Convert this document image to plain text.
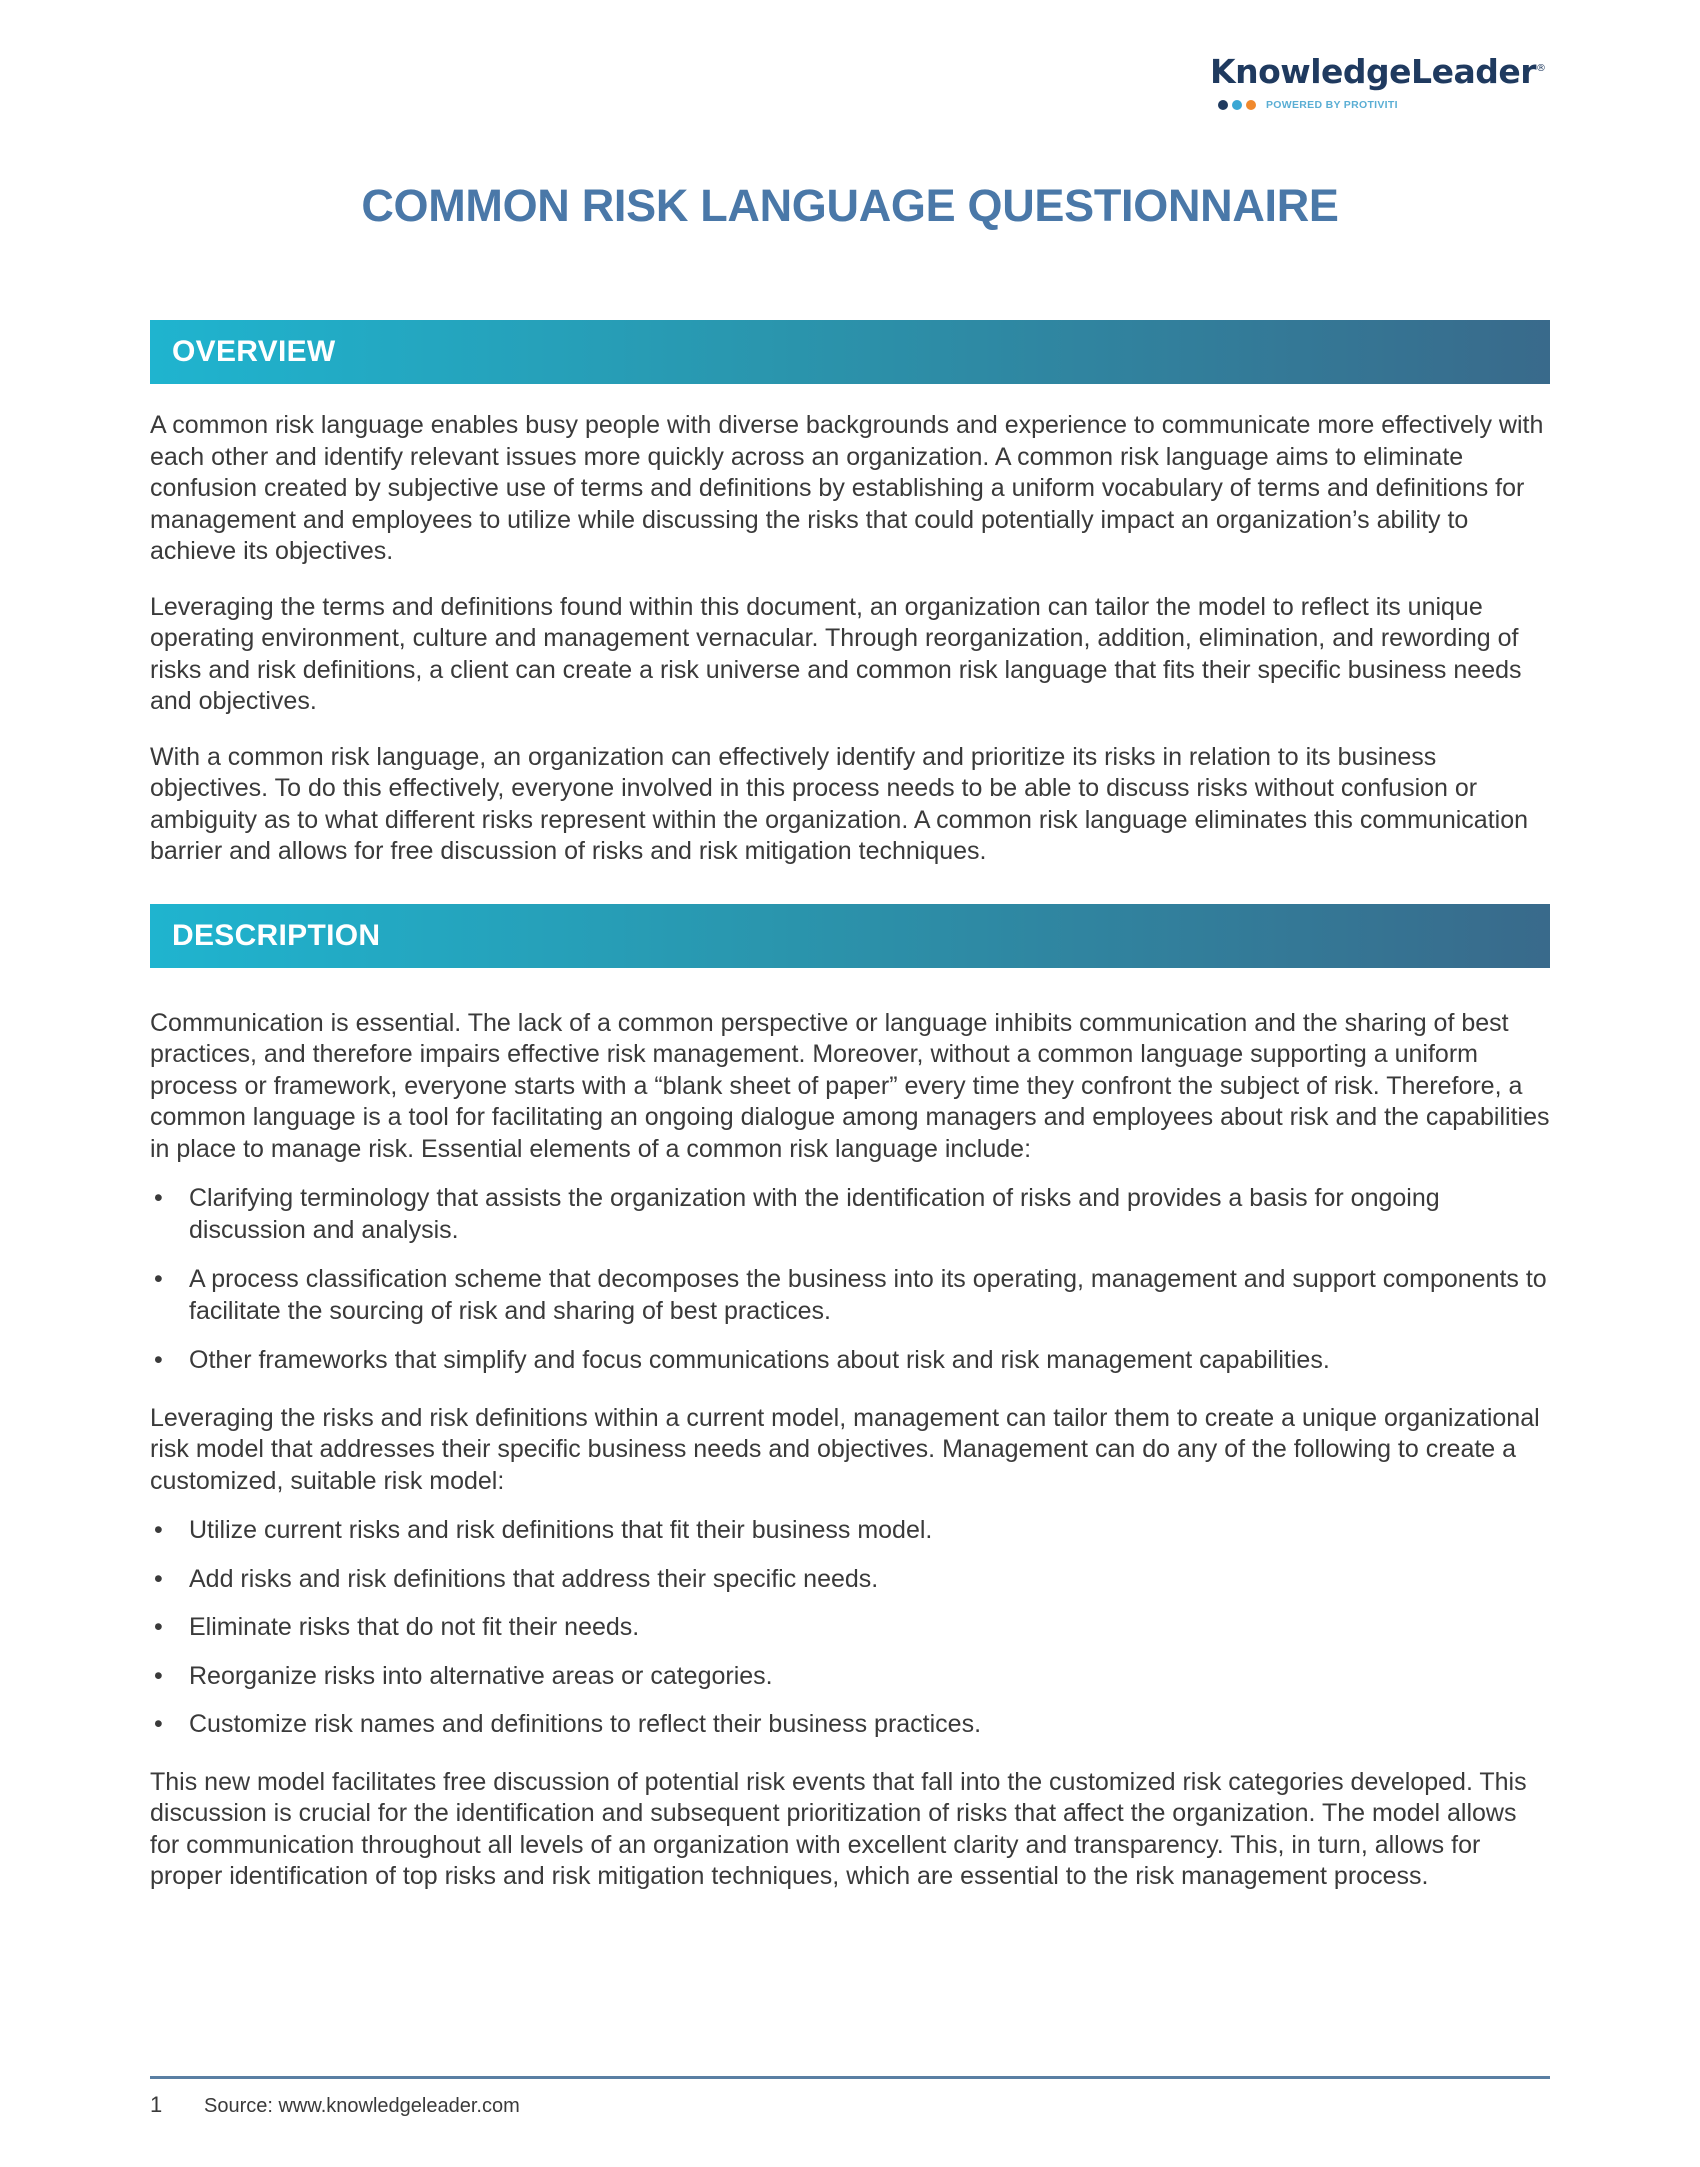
KnowledgeLeader®
POWERED BY PROTIVITI
COMMON RISK LANGUAGE QUESTIONNAIRE
OVERVIEW

A common risk language enables busy people with diverse backgrounds and experience to communicate more effectively with each other and identify relevant issues more quickly across an organization. A common risk language aims to eliminate confusion created by subjective use of terms and definitions by establishing a uniform vocabulary of terms and definitions for management and employees to utilize while discussing the risks that could potentially impact an organization’s ability to achieve its objectives.

Leveraging the terms and definitions found within this document, an organization can tailor the model to reflect its unique operating environment, culture and management vernacular. Through reorganization, addition, elimination, and rewording of risks and risk definitions, a client can create a risk universe and common risk language that fits their specific business needs and objectives.

With a common risk language, an organization can effectively identify and prioritize its risks in relation to its business objectives. To do this effectively, everyone involved in this process needs to be able to discuss risks without confusion or ambiguity as to what different risks represent within the organization. A common risk language eliminates this communication barrier and allows for free discussion of risks and risk mitigation techniques.

DESCRIPTION

Communication is essential. The lack of a common perspective or language inhibits communication and the sharing of best practices, and therefore impairs effective risk management. Moreover, without a common language supporting a uniform process or framework, everyone starts with a “blank sheet of paper” every time they confront the subject of risk. Therefore, a common language is a tool for facilitating an ongoing dialogue among managers and employees about risk and the capabilities in place to manage risk. Essential elements of a common risk language include:

• Clarifying terminology that assists the organization with the identification of risks and provides a basis for ongoing discussion and analysis.
• A process classification scheme that decomposes the business into its operating, management and support components to facilitate the sourcing of risk and sharing of best practices.
• Other frameworks that simplify and focus communications about risk and risk management capabilities.

Leveraging the risks and risk definitions within a current model, management can tailor them to create a unique organizational risk model that addresses their specific business needs and objectives. Management can do any of the following to create a customized, suitable risk model:

• Utilize current risks and risk definitions that fit their business model.
• Add risks and risk definitions that address their specific needs.
• Eliminate risks that do not fit their needs.
• Reorganize risks into alternative areas or categories.
• Customize risk names and definitions to reflect their business practices.

This new model facilitates free discussion of potential risk events that fall into the customized risk categories developed. This discussion is crucial for the identification and subsequent prioritization of risks that affect the organization. The model allows for communication throughout all levels of an organization with excellent clarity and transparency. This, in turn, allows for proper identification of top risks and risk mitigation techniques, which are essential to the risk management process.

1	Source: www.knowledgeleader.com
